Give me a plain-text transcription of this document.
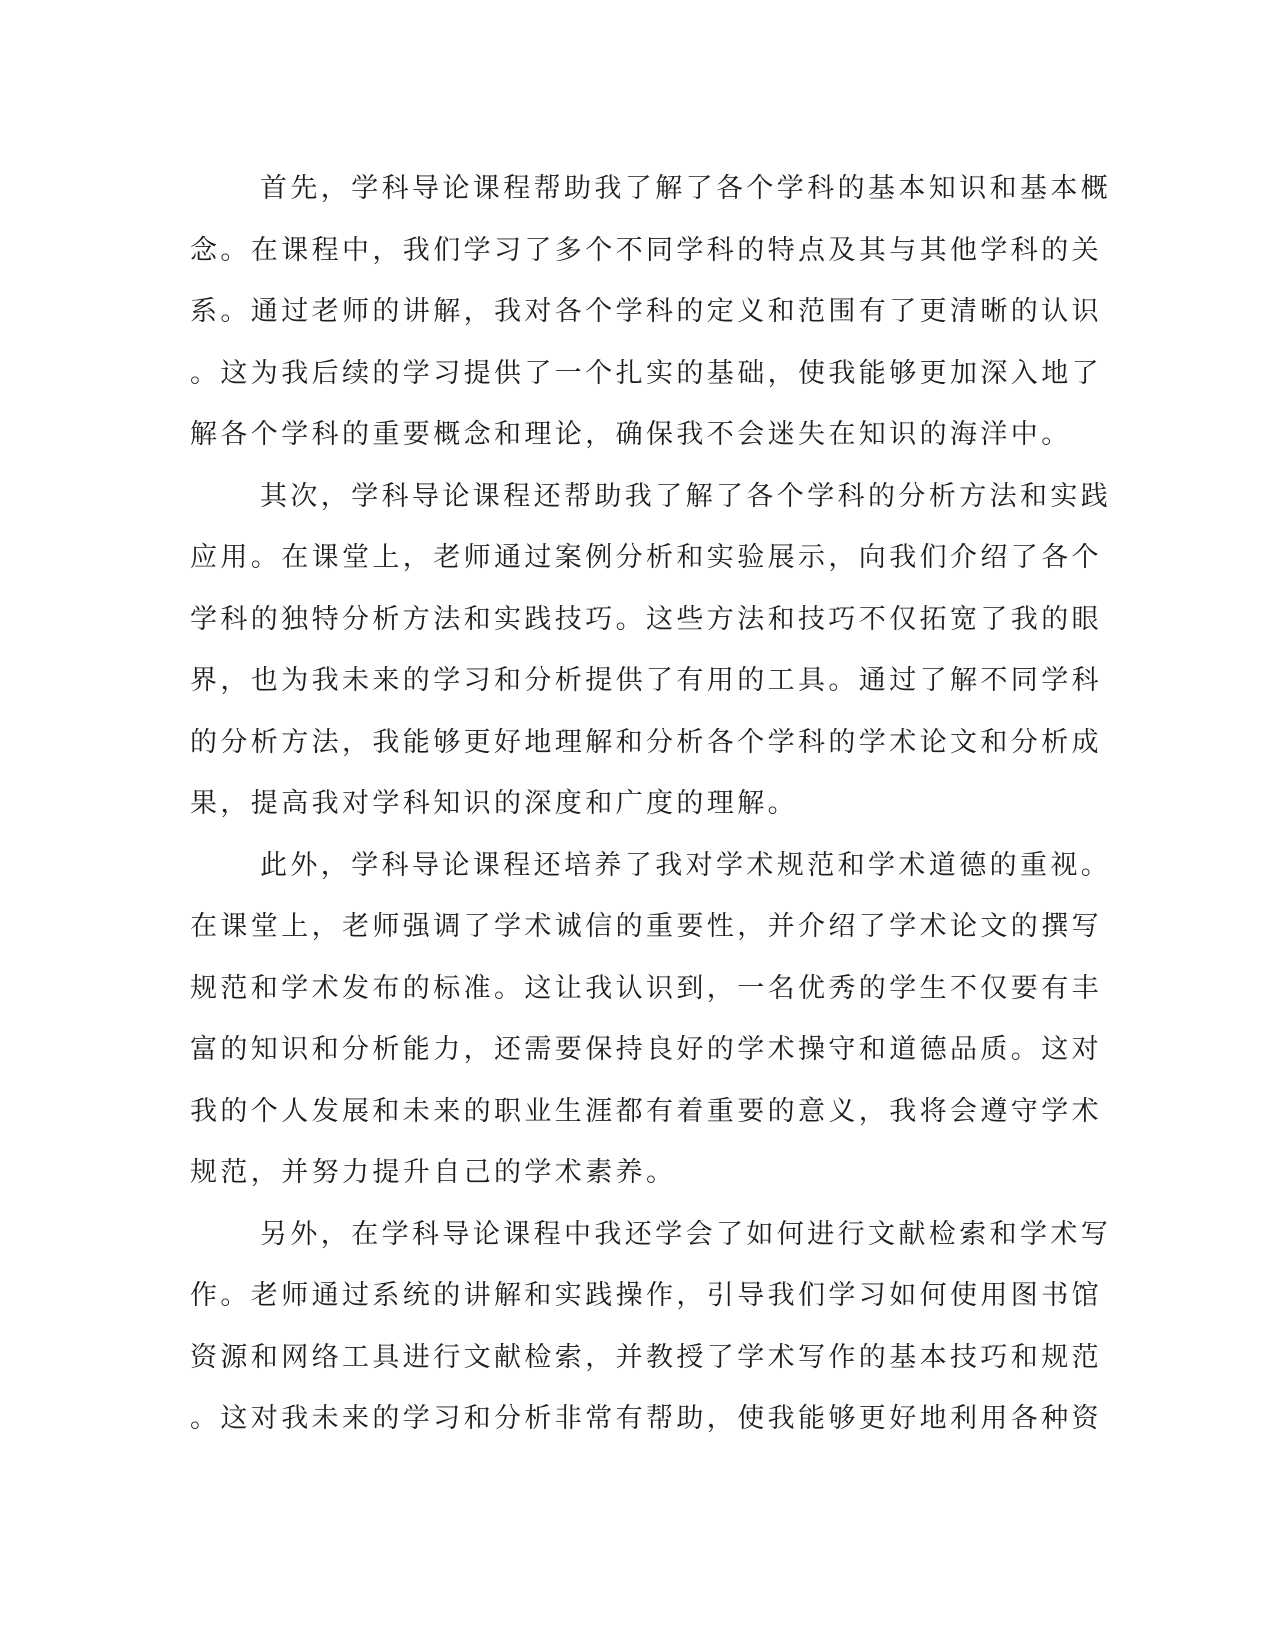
首先，学科导论课程帮助我了解了各个学科的基本知识和基本概
念。在课程中，我们学习了多个不同学科的特点及其与其他学科的关
系。通过老师的讲解，我对各个学科的定义和范围有了更清晰的认识
。这为我后续的学习提供了一个扎实的基础，使我能够更加深入地了
解各个学科的重要概念和理论，确保我不会迷失在知识的海洋中。
其次，学科导论课程还帮助我了解了各个学科的分析方法和实践
应用。在课堂上，老师通过案例分析和实验展示，向我们介绍了各个
学科的独特分析方法和实践技巧。这些方法和技巧不仅拓宽了我的眼
界，也为我未来的学习和分析提供了有用的工具。通过了解不同学科
的分析方法，我能够更好地理解和分析各个学科的学术论文和分析成
果，提高我对学科知识的深度和广度的理解。
此外，学科导论课程还培养了我对学术规范和学术道德的重视。
在课堂上，老师强调了学术诚信的重要性，并介绍了学术论文的撰写
规范和学术发布的标准。这让我认识到，一名优秀的学生不仅要有丰
富的知识和分析能力，还需要保持良好的学术操守和道德品质。这对
我的个人发展和未来的职业生涯都有着重要的意义，我将会遵守学术
规范，并努力提升自己的学术素养。
另外，在学科导论课程中我还学会了如何进行文献检索和学术写
作。老师通过系统的讲解和实践操作，引导我们学习如何使用图书馆
资源和网络工具进行文献检索，并教授了学术写作的基本技巧和规范
。这对我未来的学习和分析非常有帮助，使我能够更好地利用各种资
